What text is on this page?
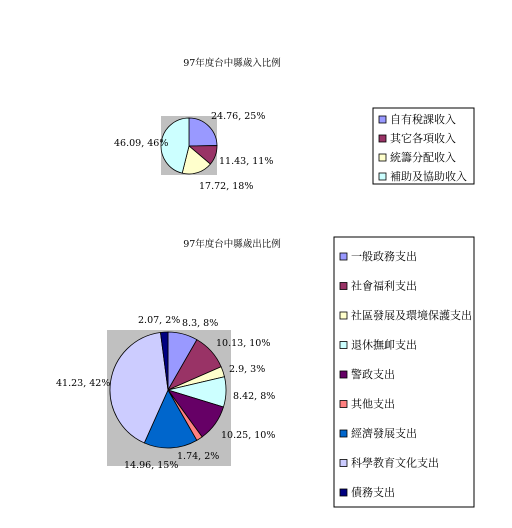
97年度台中縣歲入比例
24.76, 25%
11.43, 11%
17.72, 18%
46.09, 46%
自有稅課收入
其它各項收入
統籌分配收入
補助及協助收入
97年度台中縣歲出比例
8.3, 8%
10.13, 10%
2.9, 3%
8.42, 8%
10.25, 10%
1.74, 2%
14.96, 15%
41.23, 42%
2.07, 2%
一般政務支出
社會福利支出
社區發展及環境保護支出
退休撫卹支出
警政支出
其他支出
經濟發展支出
科學教育文化支出
債務支出
